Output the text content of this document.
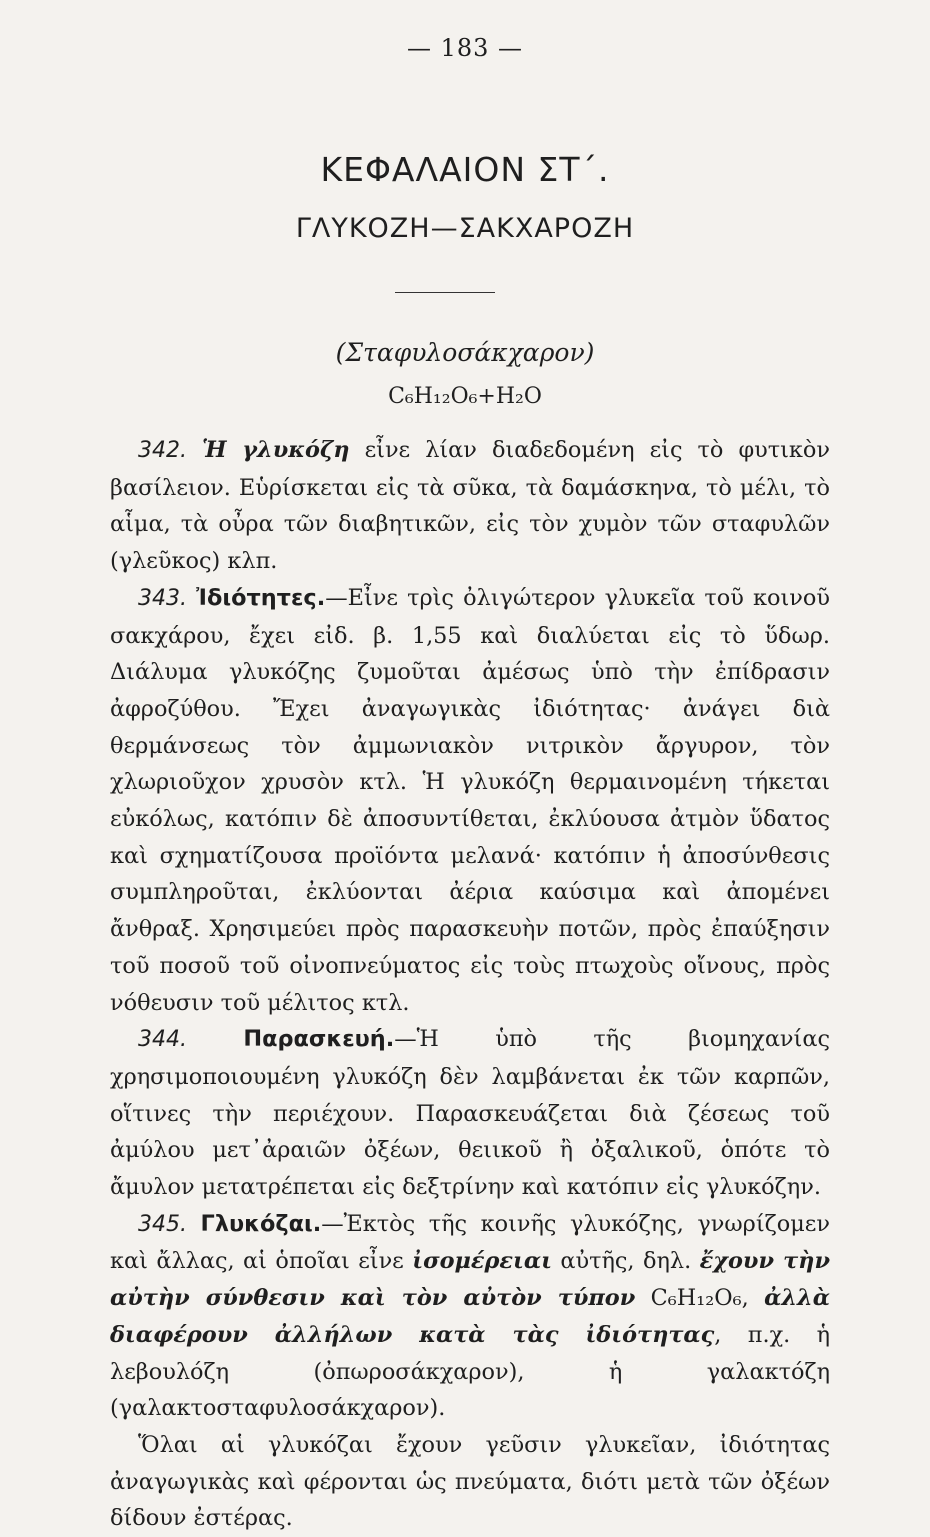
— 183 —
ΚΕΦΑΛΑΙΟΝ ΣΤ΄.
ΓΛΥΚΟΖΗ—ΣΑΚΧΑΡΟΖΗ
(Σταφυλοσάκχαρον)
C₆H₁₂O₆+H₂O

342. Ἡ γλυκόζη εἶνε λίαν διαδεδομένη εἰς τὸ φυτικὸν βασίλειον. Εὑρίσκεται εἰς τὰ σῦκα, τὰ δαμάσκηνα, τὸ μέλι, τὸ αἷμα, τὰ οὖρα τῶν διαβητικῶν, εἰς τὸν χυμὸν τῶν σταφυλῶν (γλεῦκος) κλπ.

343. Ἰδιότητες.—Εἶνε τρὶς ὀλιγώτερον γλυκεῖα τοῦ κοινοῦ σακχάρου, ἔχει εἰδ. β. 1,55 καὶ διαλύεται εἰς τὸ ὕδωρ. Διάλυμα γλυκόζης ζυμοῦται ἀμέσως ὑπὸ τὴν ἐπίδρασιν ἀφροζύθου. Ἔχει ἀναγωγικὰς ἰδιότητας· ἀνάγει διὰ θερμάνσεως τὸν ἀμμωνιακὸν νιτρικὸν ἄργυρον, τὸν χλωριοῦχον χρυσὸν κτλ. Ἡ γλυκόζη θερμαινομένη τήκεται εὐκόλως, κατόπιν δὲ ἀποσυντίθεται, ἐκλύουσα ἀτμὸν ὕδατος καὶ σχηματίζουσα προϊόντα μελανά· κατόπιν ἡ ἀποσύνθεσις συμπληροῦται, ἐκλύονται ἀέρια καύσιμα καὶ ἀπομένει ἄνθραξ. Χρησιμεύει πρὸς παρασκευὴν ποτῶν, πρὸς ἐπαύξησιν τοῦ ποσοῦ τοῦ οἰνοπνεύματος εἰς τοὺς πτωχοὺς οἴνους, πρὸς νόθευσιν τοῦ μέλιτος κτλ.

344.	Παρασκευή.—Ἡ ὑπὸ τῆς βιομηχανίας χρησιμοποιουμένη γλυκόζη δὲν λαμβάνεται ἐκ τῶν καρπῶν, οἵτινες τὴν περιέχουν. Παρασκευάζεται διὰ ζέσεως τοῦ ἀμύλου μετ᾽ἀραιῶν ὀξέων, θειικοῦ ἢ ὀξαλικοῦ, ὁπότε τὸ ἄμυλον μετατρέπεται εἰς δεξτρίνην καὶ κατόπιν εἰς γλυκόζην.

345. Γλυκόζαι.—Ἐκτὸς τῆς κοινῆς γλυκόζης, γνωρίζομεν καὶ ἄλλας, αἱ ὁποῖαι εἶνε ἰσομέρειαι αὐτῆς, δηλ. ἔχουν τὴν αὐτὴν σύνθεσιν καὶ τὸν αὐτὸν τύπον C₆H₁₂O₆, ἀλλὰ διαφέρουν ἀλλήλων κατὰ τὰς ἰδιότητας, π.χ. ἡ λεβουλόζη (ὀπωροσάκχαρον), ἡ γαλακτόζη (γαλακτοσταφυλοσάκχαρον).

Ὅλαι αἱ γλυκόζαι ἔχουν γεῦσιν γλυκεῖαν, ἰδιότητας ἀναγωγικὰς καὶ φέρονται ὡς πνεύματα, διότι μετὰ τῶν ὀξέων δίδουν ἐστέρας.
